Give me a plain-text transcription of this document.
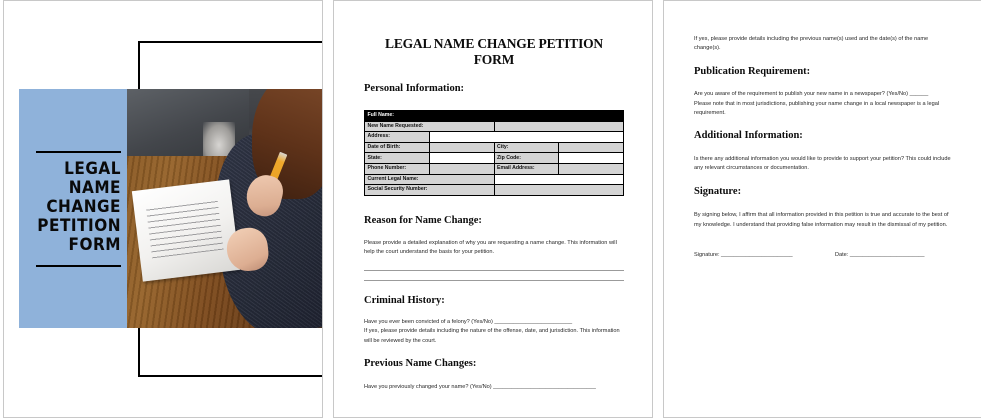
LEGAL
NAME
CHANGE
PETITION
FORM
LEGAL NAME CHANGE PETITION FORM
Personal Information:
Full Name:			
New Name Requested:			
Address:			
Date of Birth:		City:	
State:		Zip Code:	
Phone Number:		Email Address:	
Current Legal Name:			
Social Security Number:			
Reason for Name Change:

Please provide a detailed explanation of why you are requesting a name change. This information will help the court understand the basis for your petition.

Criminal History:

Have you ever been convicted of a felony? (Yes/No) _________________________

If yes, please provide details including the nature of the offense, date, and jurisdiction. This information will be reviewed by the court.

Previous Name Changes:

Have you previously changed your name? (Yes/No) _________________________________

If yes, please provide details including the previous name(s) used and the date(s) of the name change(s).

Publication Requirement:

Are you aware of the requirement to publish your new name in a newspaper? (Yes/No) ______

Please note that in most jurisdictions, publishing your name change in a local newspaper is a legal requirement.

Additional Information:

Is there any additional information you would like to provide to support your petition? This could include any relevant circumstances or documentation.

Signature:

By signing below, I affirm that all information provided in this petition is true and accurate to the best of my knowledge. I understand that providing false information may result in the dismissal of my petition.

Signature: _______________________	Date: ________________________
